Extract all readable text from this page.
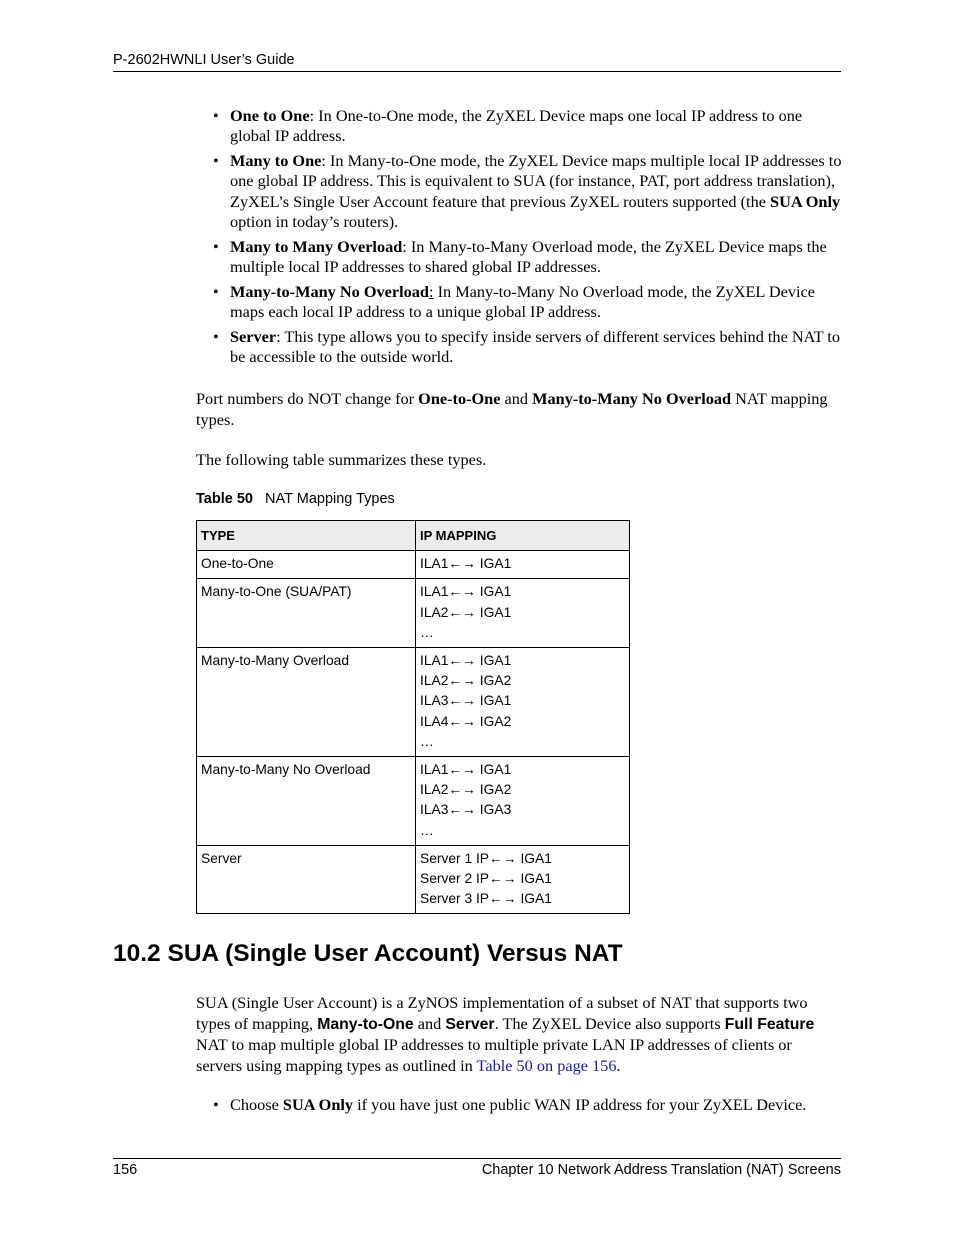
P-2602HWNLI User’s Guide
• One to One: In One-to-One mode, the ZyXEL Device maps one local IP address to one global IP address.
• Many to One: In Many-to-One mode, the ZyXEL Device maps multiple local IP addresses to one global IP address. This is equivalent to SUA (for instance, PAT, port address translation), ZyXEL’s Single User Account feature that previous ZyXEL routers supported (the SUA Only option in today’s routers).
• Many to Many Overload: In Many-to-Many Overload mode, the ZyXEL Device maps the multiple local IP addresses to shared global IP addresses.
• Many-to-Many No Overload: In Many-to-Many No Overload mode, the ZyXEL Device maps each local IP address to a unique global IP address.
• Server: This type allows you to specify inside servers of different services behind the NAT to be accessible to the outside world.

Port numbers do NOT change for One-to-One and Many-to-Many No Overload NAT mapping types.

The following table summarizes these types.

Table 50 NAT Mapping Types
TYPE	IP MAPPING
One-to-One	ILA1←→ IGA1

Many-to-One (SUA/PAT)	ILA1←→ IGA1
ILA2←→ IGA1
…

Many-to-Many Overload	ILA1←→ IGA1
ILA2←→ IGA2
ILA3←→ IGA1
ILA4←→ IGA2
…

Many-to-Many No Overload	ILA1←→ IGA1
ILA2←→ IGA2
ILA3←→ IGA3
…

Server	Server 1 IP←→ IGA1
Server 2 IP←→ IGA1
Server 3 IP←→ IGA1
10.2 SUA (Single User Account) Versus NAT

SUA (Single User Account) is a ZyNOS implementation of a subset of NAT that supports two types of mapping, Many-to-One and Server. The ZyXEL Device also supports Full Feature NAT to map multiple global IP addresses to multiple private LAN IP addresses of clients or servers using mapping types as outlined in Table 50 on page 156.

• Choose SUA Only if you have just one public WAN IP address for your ZyXEL Device.
156	Chapter 10 Network Address Translation (NAT) Screens
